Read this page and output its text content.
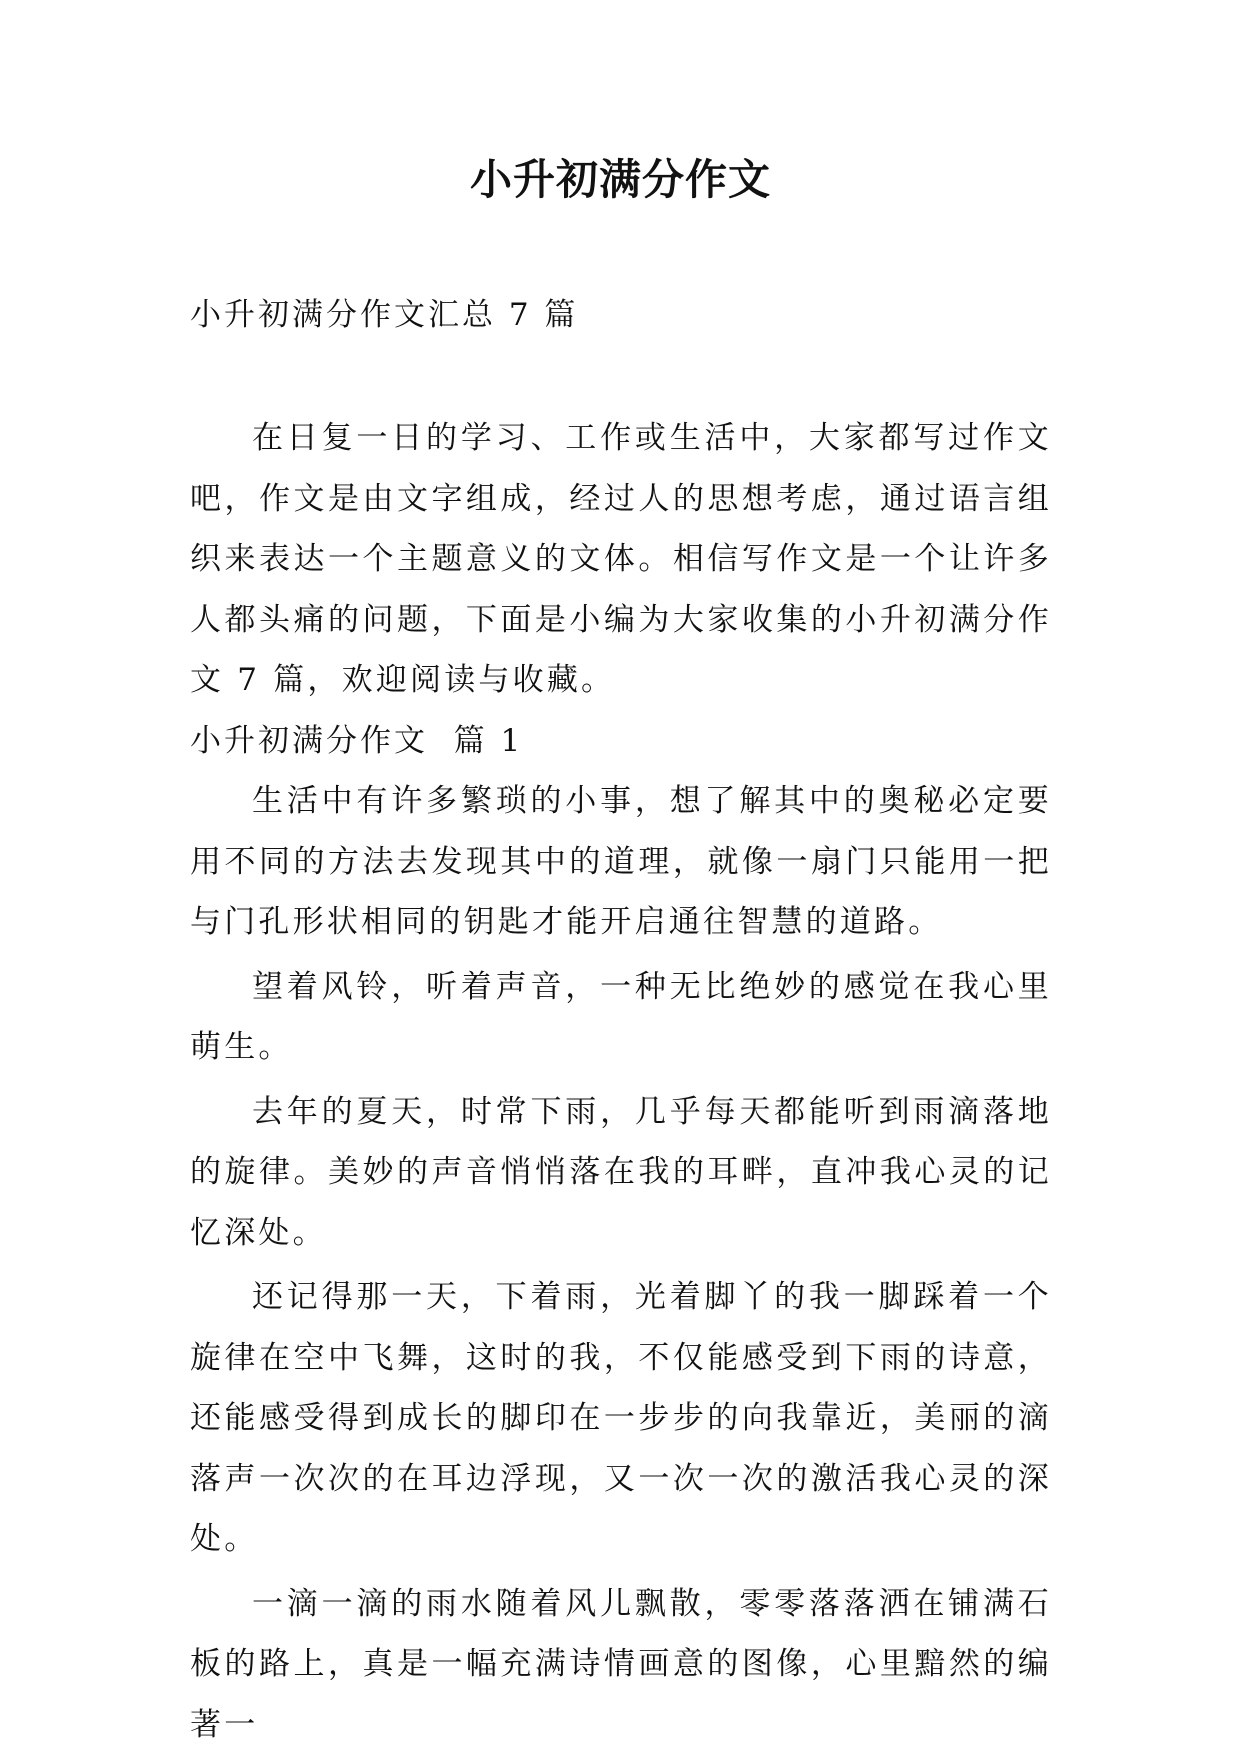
小升初满分作文
小升初满分作文汇总 7 篇

在日复一日的学习、工作或生活中，大家都写过作文吧，作文是由文字组成，经过人的思想考虑，通过语言组织来表达一个主题意义的文体。相信写作文是一个让许多人都头痛的问题，下面是小编为大家收集的小升初满分作文 7 篇，欢迎阅读与收藏。

小升初满分作文  篇 1

生活中有许多繁琐的小事，想了解其中的奥秘必定要用不同的方法去发现其中的道理，就像一扇门只能用一把与门孔形状相同的钥匙才能开启通往智慧的道路。

望着风铃，听着声音，一种无比绝妙的感觉在我心里萌生。

去年的夏天，时常下雨，几乎每天都能听到雨滴落地的旋律。美妙的声音悄悄落在我的耳畔，直冲我心灵的记忆深处。

还记得那一天，下着雨，光着脚丫的我一脚踩着一个旋律在空中飞舞，这时的我，不仅能感受到下雨的诗意，还能感受得到成长的脚印在一步步的向我靠近，美丽的滴落声一次次的在耳边浮现，又一次一次的激活我心灵的深处。

一滴一滴的雨水随着风儿飘散，零零落落洒在铺满石板的路上，真是一幅充满诗情画意的图像，心里黯然的编著一
